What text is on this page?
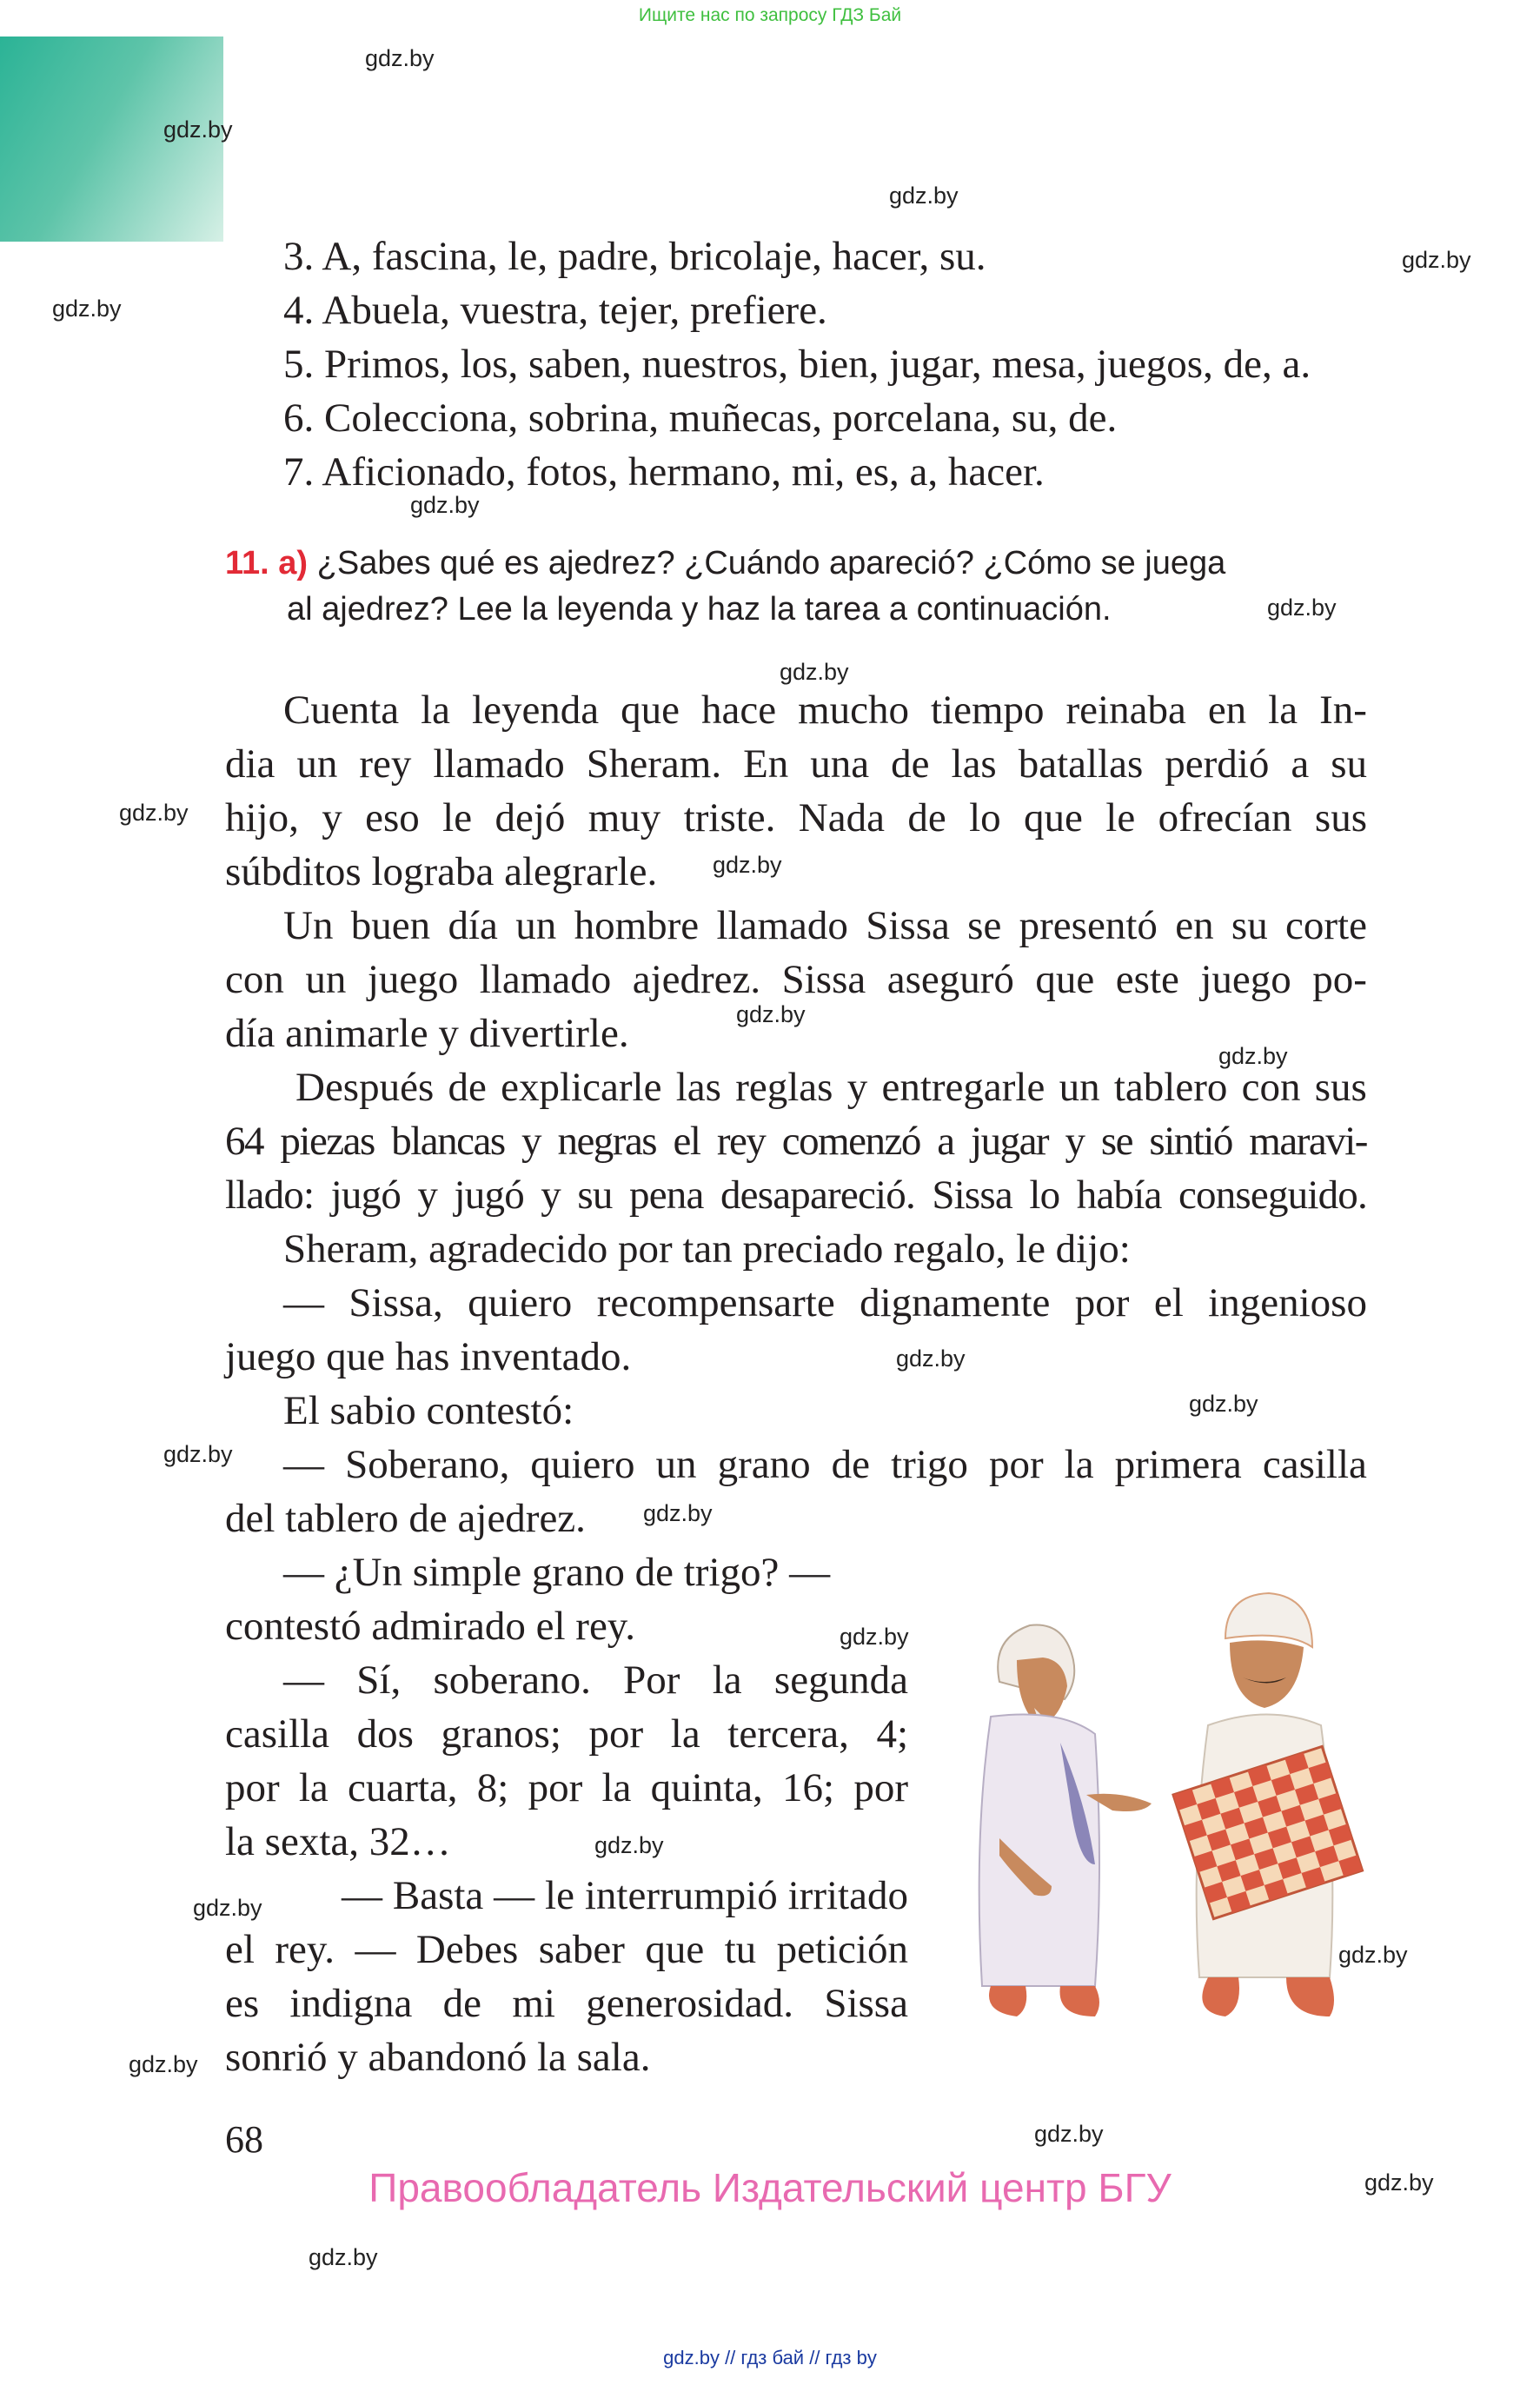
Ищите нас по запросу ГДЗ Бай
gdz.by
gdz.by
gdz.by
gdz.by
gdz.by
gdz.by
gdz.by
gdz.by
gdz.by
gdz.by
gdz.by
gdz.by
gdz.by
gdz.by
gdz.by
gdz.by
gdz.by
gdz.by
gdz.by
gdz.by
gdz.by
gdz.by
gdz.by
gdz.by
3. A, fascina, le, padre, bricolaje, hacer, su.
4. Abuela, vuestra, tejer, prefiere.
5. Primos, los, saben, nuestros, bien, jugar, mesa, juegos, de, a.
6. Colecciona, sobrina, muñecas, porcelana, su, de.
7. Aficionado, fotos, hermano, mi, es, a, hacer.
11. a) ¿Sabes qué es ajedrez? ¿Cuándo apareció? ¿Cómo se juega
al ajedrez? Lee la leyenda y haz la tarea a continuación.
Cuenta la leyenda que hace mucho tiempo reinaba en la In-
dia un rey llamado Sheram. En una de las batallas perdió a su
hijo, y eso le dejó muy triste. Nada de lo que le ofrecían sus
súbditos lograba alegrarle.
Un buen día un hombre llamado Sissa se presentó en su corte
con un juego llamado ajedrez. Sissa aseguró que este juego po-
día animarle y divertirle.
Después de explicarle las reglas y entregarle un tablero con sus
64 piezas blancas y negras el rey comenzó a jugar y se sintió maravi-
llado: jugó y jugó y su pena desapareció. Sissa lo había conseguido.
Sheram, agradecido por tan preciado regalo, le dijo:
— Sissa, quiero recompensarte dignamente por el ingenioso
juego que has inventado.
El sabio contestó:
— Soberano, quiero un grano de trigo por la primera casilla
del tablero de ajedrez.
— ¿Un simple grano de trigo? —
contestó admirado el rey.
— Sí, soberano. Por la segunda
casilla dos granos; por la tercera, 4;
por la cuarta, 8; por la quinta, 16; por
la sexta, 32…
— Basta — le interrumpió irritado
el rey. — Debes saber que tu petición
es indigna de mi generosidad. Sissa
sonrió y abandonó la sala.
68
Правообладатель Издательский центр БГУ
gdz.by // гдз бай // гдз by
